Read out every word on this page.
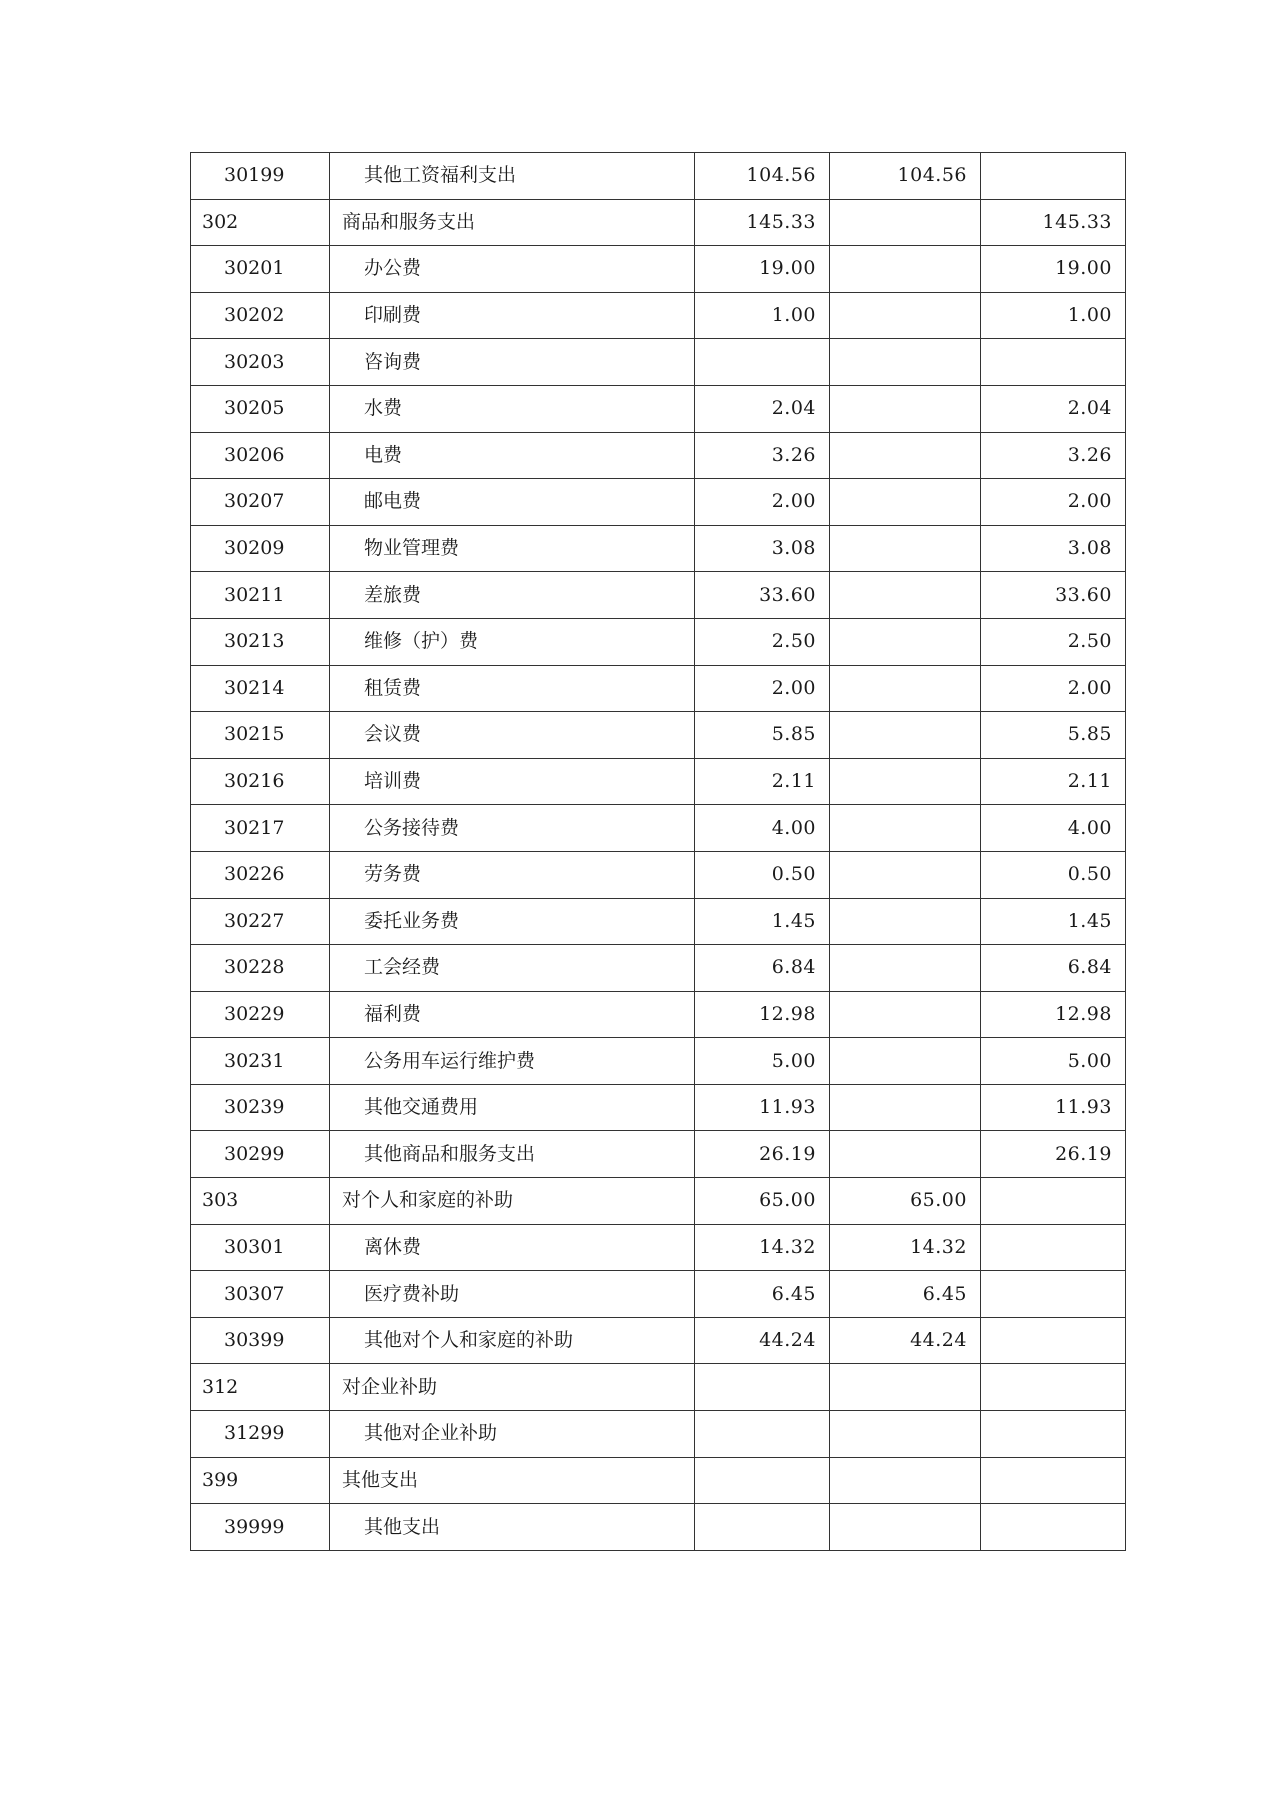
30199	其他工资福利支出	104.56	104.56	
302	商品和服务支出	145.33		145.33
30201	办公费	19.00		19.00
30202	印刷费	1.00		1.00
30203	咨询费			
30205	水费	2.04		2.04
30206	电费	3.26		3.26
30207	邮电费	2.00		2.00
30209	物业管理费	3.08		3.08
30211	差旅费	33.60		33.60
30213	维修（护）费	2.50		2.50
30214	租赁费	2.00		2.00
30215	会议费	5.85		5.85
30216	培训费	2.11		2.11
30217	公务接待费	4.00		4.00
30226	劳务费	0.50		0.50
30227	委托业务费	1.45		1.45
30228	工会经费	6.84		6.84
30229	福利费	12.98		12.98
30231	公务用车运行维护费	5.00		5.00
30239	其他交通费用	11.93		11.93
30299	其他商品和服务支出	26.19		26.19
303	对个人和家庭的补助	65.00	65.00	
30301	离休费	14.32	14.32	
30307	医疗费补助	6.45	6.45	
30399	其他对个人和家庭的补助	44.24	44.24	
312	对企业补助			
31299	其他对企业补助			
399	其他支出			
39999	其他支出			
